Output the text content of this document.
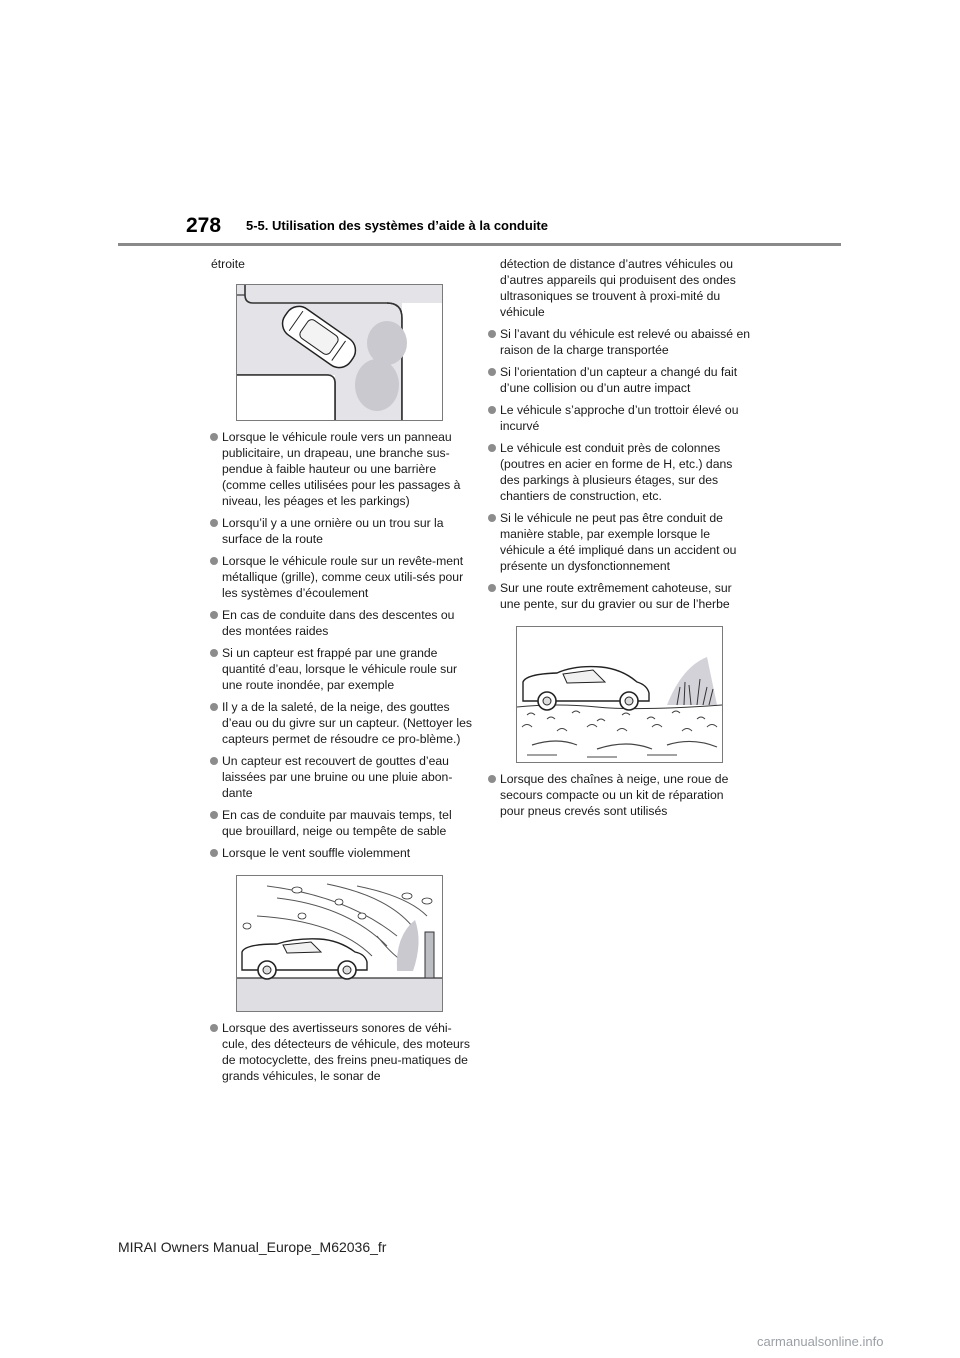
278 5-5. Utilisation des systèmes d’aide à la conduite

étroite

Lorsque le véhicule roule vers un panneau publicitaire, un drapeau, une branche sus-pendue à faible hauteur ou une barrière (comme celles utilisées pour les passages à niveau, les péages et les parkings)
Lorsqu’il y a une ornière ou un trou sur la surface de la route
Lorsque le véhicule roule sur un revête-ment métallique (grille), comme ceux utili-sés pour les systèmes d’écoulement
En cas de conduite dans des descentes ou des montées raides
Si un capteur est frappé par une grande quantité d’eau, lorsque le véhicule roule sur une route inondée, par exemple
Il y a de la saleté, de la neige, des gouttes d’eau ou du givre sur un capteur. (Nettoyer les capteurs permet de résoudre ce pro-blème.)
Un capteur est recouvert de gouttes d’eau laissées par une bruine ou une pluie abon-dante
En cas de conduite par mauvais temps, tel que brouillard, neige ou tempête de sable
Lorsque le vent souffle violemment
Lorsque des avertisseurs sonores de véhi-cule, des détecteurs de véhicule, des moteurs de motocyclette, des freins pneu-matiques de grands véhicules, le sonar de

détection de distance d’autres véhicules ou d’autres appareils qui produisent des ondes ultrasoniques se trouvent à proxi-mité du véhicule

Si l’avant du véhicule est relevé ou abaissé en raison de la charge transportée
Si l’orientation d’un capteur a changé du fait d’une collision ou d’un autre impact
Le véhicule s’approche d’un trottoir élevé ou incurvé
Le véhicule est conduit près de colonnes (poutres en acier en forme de H, etc.) dans des parkings à plusieurs étages, sur des chantiers de construction, etc.
Si le véhicule ne peut pas être conduit de manière stable, par exemple lorsque le véhicule a été impliqué dans un accident ou présente un dysfonctionnement
Sur une route extrêmement cahoteuse, sur une pente, sur du gravier ou sur de l’herbe
Lorsque des chaînes à neige, une roue de secours compacte ou un kit de réparation pour pneus crevés sont utilisés
MIRAI Owners Manual_Europe_M62036_fr
carmanualsonline.info
